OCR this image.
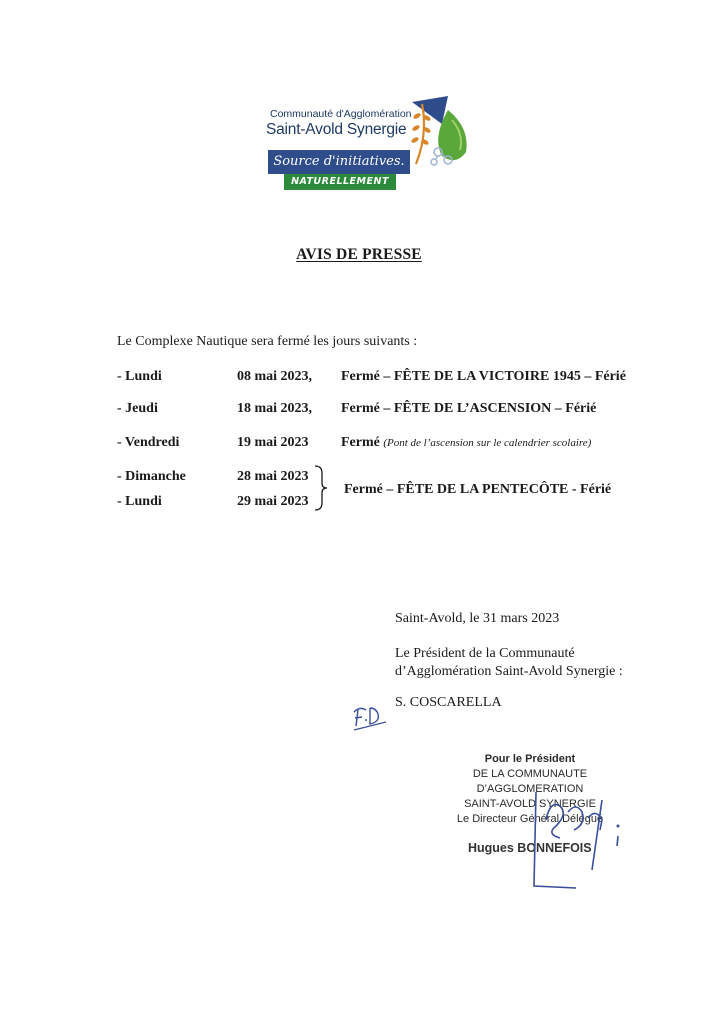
Communauté d'Agglomération
Saint-Avold Synergie
Source d'initiatives.
NATURELLEMENT
AVIS DE PRESSE
Le Complexe Nautique sera fermé les jours suivants :
- Lundi	08 mai 2023, Fermé – FÊTE DE LA VICTOIRE 1945 – Férié
- Jeudi	18 mai 2023, Fermé – FÊTE DE L’ASCENSION – Férié
- Vendredi	19 mai 2023 Fermé (Pont de l’ascension sur le calendrier scolaire)
- Dimanche	28 mai 2023
- Lundi	29 mai 2023
Fermé – FÊTE DE LA PENTECÔTE - Férié
Saint-Avold, le 31 mars 2023
Le Président de la Communauté
d’Agglomération Saint-Avold Synergie :
S. COSCARELLA
Pour le Président
DE LA COMMUNAUTE D’AGGLOMERATION
SAINT-AVOLD SYNERGIE
Le Directeur Général Délégué
Hugues BONNEFOIS
